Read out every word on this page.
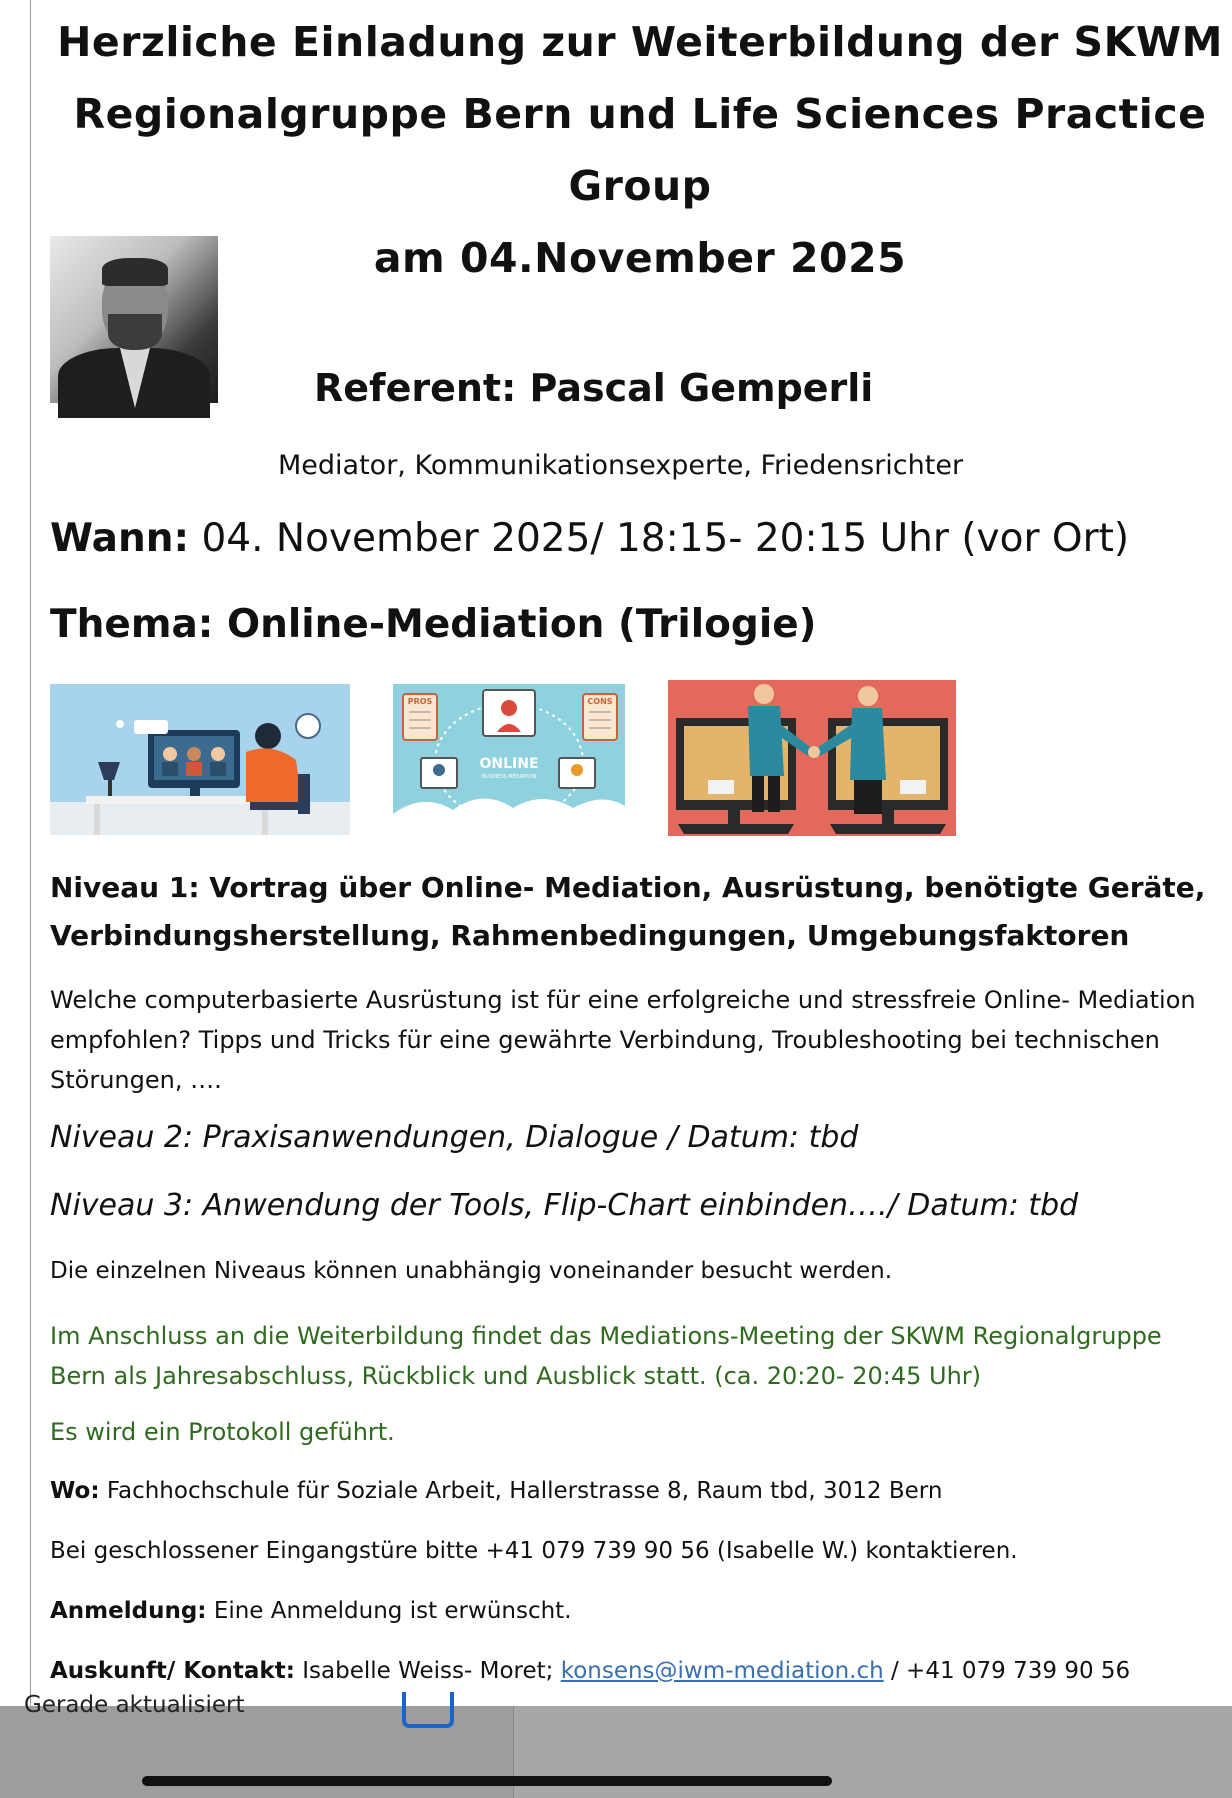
Herzliche Einladung zur Weiterbildung der SKWM
Regionalgruppe Bern und Life Sciences Practice Group
am 04.November 2025

Referent: Pascal Gemperli

Mediator, Kommunikationsexperte, Friedensrichter

Wann: 04. November 2025/ 18:15- 20:15 Uhr (vor Ort)

Thema: Online-Mediation (Trilogie)

PROS	CONS
ONLINE
BUSINESS MEDIATION

Niveau 1: Vortrag über Online- Mediation, Ausrüstung, benötigte Geräte, Verbindungsherstellung, Rahmenbedingungen, Umgebungsfaktoren

Welche computerbasierte Ausrüstung ist für eine erfolgreiche und stressfreie Online- Mediation empfohlen? Tipps und Tricks für eine gewährte Verbindung, Troubleshooting bei technischen Störungen, ….

Niveau 2: Praxisanwendungen, Dialogue / Datum: tbd

Niveau 3: Anwendung der Tools, Flip-Chart einbinden…./ Datum: tbd

Die einzelnen Niveaus können unabhängig voneinander besucht werden.

Im Anschluss an die Weiterbildung findet das Mediations-Meeting der SKWM Regionalgruppe Bern als Jahresabschluss, Rückblick und Ausblick statt. (ca. 20:20- 20:45 Uhr)

Es wird ein Protokoll geführt.

Wo: Fachhochschule für Soziale Arbeit, Hallerstrasse 8, Raum tbd, 3012 Bern

Bei geschlossener Eingangstüre bitte +41 079 739 90 56 (Isabelle W.) kontaktieren.

Anmeldung: Eine Anmeldung ist erwünscht.

Auskunft/ Kontakt: Isabelle Weiss- Moret; konsens@iwm-mediation.ch / +41 079 739 90 56

Gerade aktualisiert
